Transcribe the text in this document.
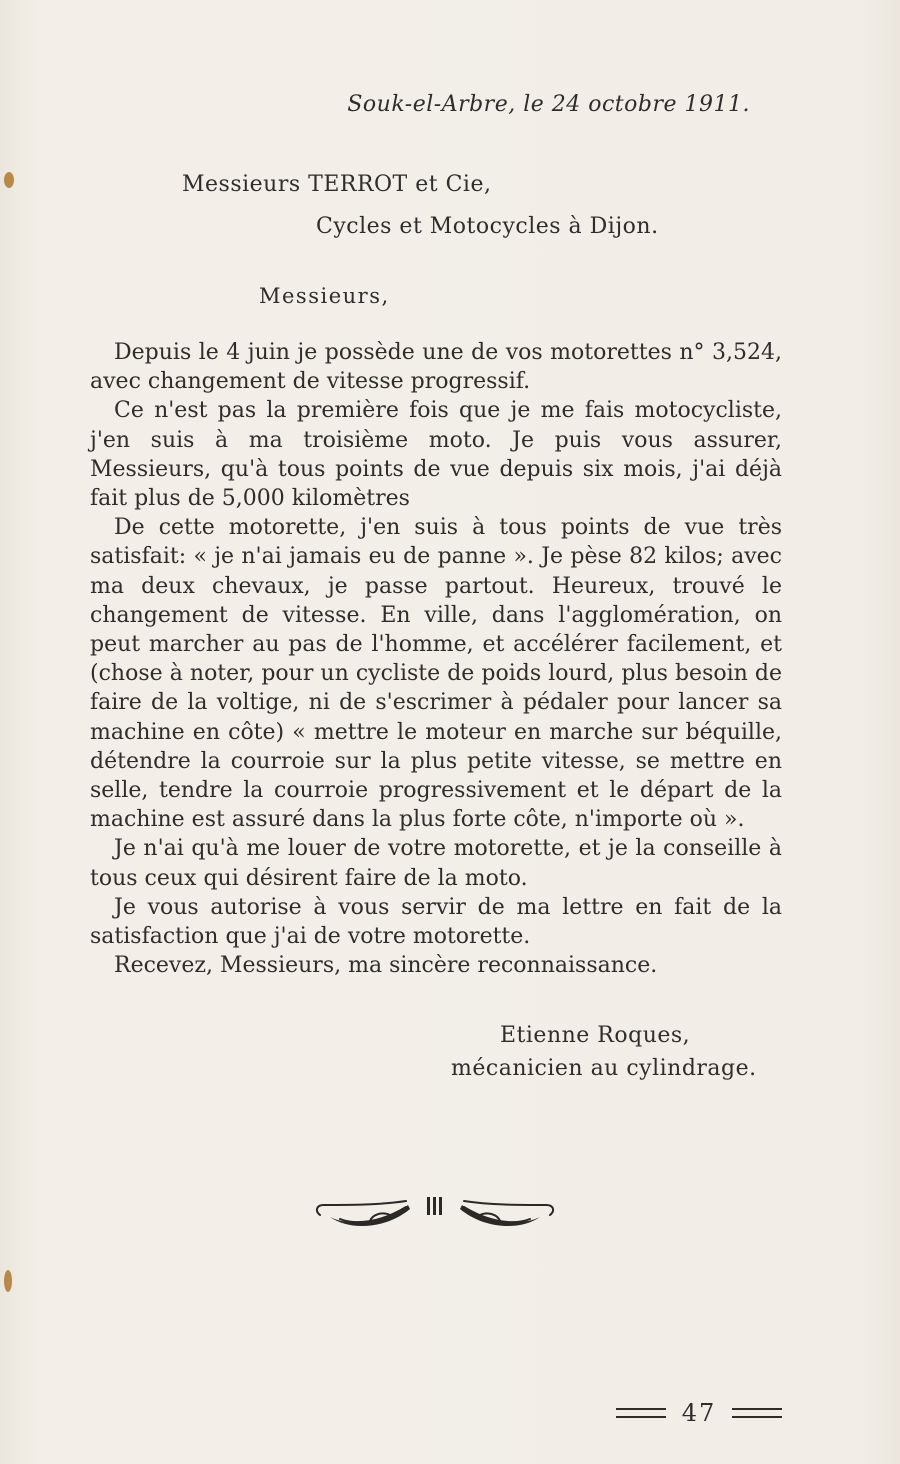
Souk-el-Arbre, le 24 octobre 1911.
Messieurs TERROT et Cie,
Cycles et Motocycles à Dijon.
Messieurs,

Depuis le 4 juin je possède une de vos motorettes n° 3,524, avec changement de vitesse progressif.

Ce n'est pas la première fois que je me fais motocycliste, j'en suis à ma troisième moto. Je puis vous assurer, Messieurs, qu'à tous points de vue depuis six mois, j'ai déjà fait plus de 5,000 kilomètres

De cette motorette, j'en suis à tous points de vue très satisfait: « je n'ai jamais eu de panne ». Je pèse 82 kilos; avec ma deux chevaux, je passe partout. Heureux, trouvé le changement de vitesse. En ville, dans l'agglomération, on peut marcher au pas de l'homme, et accélérer facilement, et (chose à noter, pour un cycliste de poids lourd, plus besoin de faire de la voltige, ni de s'escrimer à pédaler pour lancer sa machine en côte) « mettre le moteur en marche sur béquille, détendre la courroie sur la plus petite vitesse, se mettre en selle, tendre la courroie progressivement et le départ de la machine est assuré dans la plus forte côte, n'importe où ».

Je n'ai qu'à me louer de votre motorette, et je la conseille à tous ceux qui désirent faire de la moto.

Je vous autorise à vous servir de ma lettre en fait de la satisfaction que j'ai de votre motorette.

Recevez, Messieurs, ma sincère reconnaissance.

Etienne Roques,
mécanicien au cylindrage.
47
